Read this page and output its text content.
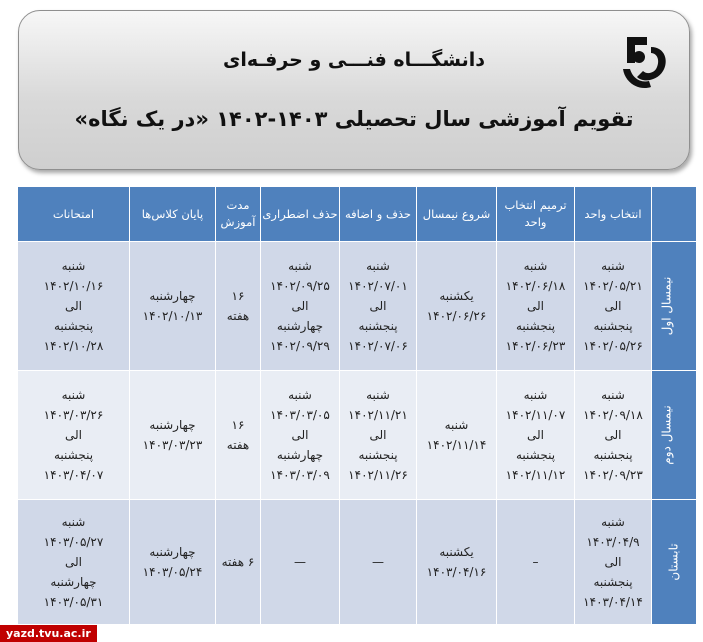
دانشگـــاه فنـــی و حرفـه‌ای
تقویم آموزشی سال تحصیلی ۱۴۰۳-۱۴۰۲ «در یک نگاه»
	انتخاب واحد	ترمیم انتخاب واحد	شروع نیمسال	حذف و اضافه	حذف اضطراری	مدت آموزش	پایان کلاس‌ها	امتحانات
نیمسال اول	شنبه
۱۴۰۲/۰۵/۲۱
الی
پنجشنبه
۱۴۰۲/۰۵/۲۶	شنبه
۱۴۰۲/۰۶/۱۸
الی
پنجشنبه
۱۴۰۲/۰۶/۲۳	یکشنبه
۱۴۰۲/۰۶/۲۶	شنبه
۱۴۰۲/۰۷/۰۱
الی
پنجشنبه
۱۴۰۲/۰۷/۰۶	شنبه
۱۴۰۲/۰۹/۲۵
الی
چهارشنبه
۱۴۰۲/۰۹/۲۹	۱۶
هفته	چهارشنبه
۱۴۰۲/۱۰/۱۳	شنبه
۱۴۰۲/۱۰/۱۶
الی
پنجشنبه
۱۴۰۲/۱۰/۲۸

نیمسال دوم	شنبه
۱۴۰۲/۰۹/۱۸
الی
پنجشنبه
۱۴۰۲/۰۹/۲۳	شنبه
۱۴۰۲/۱۱/۰۷
الی
پنجشنبه
۱۴۰۲/۱۱/۱۲	شنبه
۱۴۰۲/۱۱/۱۴	شنبه
۱۴۰۲/۱۱/۲۱
الی
پنجشنبه
۱۴۰۲/۱۱/۲۶	شنبه
۱۴۰۳/۰۳/۰۵
الی
چهارشنبه
۱۴۰۳/۰۳/۰۹	۱۶
هفته	چهارشنبه
۱۴۰۳/۰۳/۲۳	شنبه
۱۴۰۳/۰۳/۲۶
الی
پنجشنبه
۱۴۰۳/۰۴/۰۷

تابستان	شنبه
۱۴۰۳/۰۴/۹
الی
پنجشنبه
۱۴۰۳/۰۴/۱۴	–	یکشنبه
۱۴۰۳/۰۴/۱۶	—	—	۶ هفته	چهارشنبه
۱۴۰۳/۰۵/۲۴	شنبه
۱۴۰۳/۰۵/۲۷
الی
چهارشنبه
۱۴۰۳/۰۵/۳۱
yazd.tvu.ac.ir
